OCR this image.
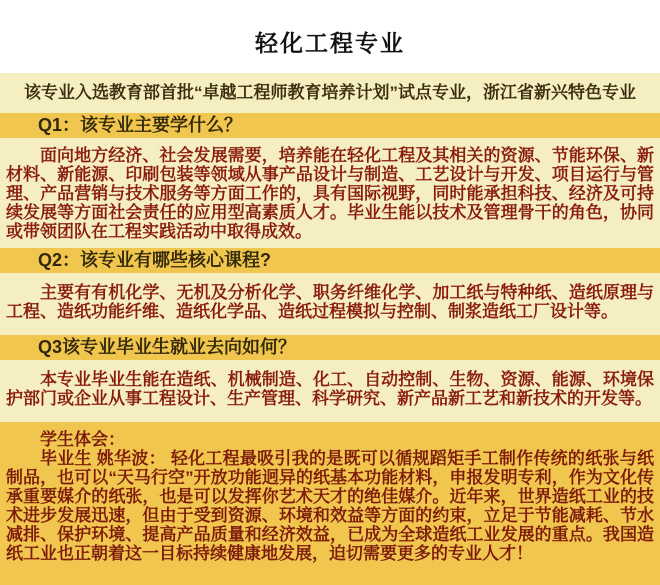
轻化工程专业
该专业入选教育部首批“卓越工程师教育培养计划”试点专业，浙江省新兴特色专业
Q1：该专业主要学什么？

面向地方经济、社会发展需要，培养能在轻化工程及其相关的资源、节能环保、新材料、新能源、印刷包装等领域从事产品设计与制造、工艺设计与开发、项目运行与管理、产品营销与技术服务等方面工作的，具有国际视野，同时能承担科技、经济及可持续发展等方面社会责任的应用型高素质人才。毕业生能以技术及管理骨干的角色，协同或带领团队在工程实践活动中取得成效。

Q2：该专业有哪些核心课程?

主要有有机化学、无机及分析化学、职务纤维化学、加工纸与特种纸、造纸原理与工程、造纸功能纤维、造纸化学品、造纸过程模拟与控制、制浆造纸工厂设计等。

Q3该专业毕业生就业去向如何？

本专业毕业生能在造纸、机械制造、化工、自动控制、生物、资源、能源、环境保护部门或企业从事工程设计、生产管理、科学研究、新产品新工艺和新技术的开发等。

学生体会：

毕业生 姚华波： 轻化工程最吸引我的是既可以循规蹈矩手工制作传统的纸张与纸制品，也可以“天马行空”开放功能迥异的纸基本功能材料，申报发明专利，作为文化传承重要媒介的纸张，也是可以发挥你艺术天才的绝佳媒介。近年来，世界造纸工业的技术进步发展迅速，但由于受到资源、环境和效益等方面的约束，立足于节能减耗、节水减排、保护环境、提高产品质量和经济效益，已成为全球造纸工业发展的重点。我国造纸工业也正朝着这一目标持续健康地发展，迫切需要更多的专业人才！
